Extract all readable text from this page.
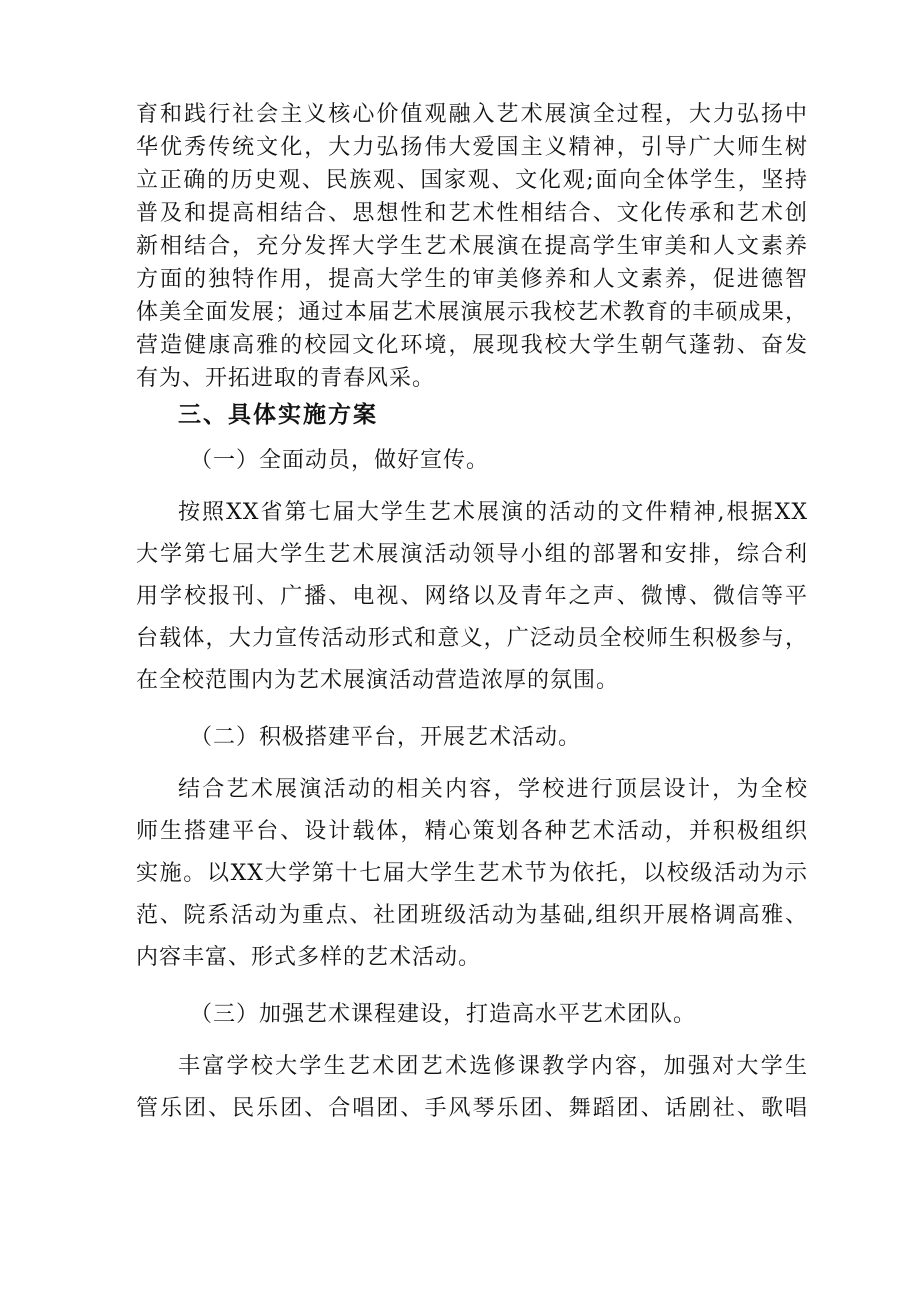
育和践行社会主义核心价值观融入艺术展演全过程，大力弘扬中
华优秀传统文化，大力弘扬伟大爱国主义精神，引导广大师生树
立正确的历史观、民族观、国家观、文化观;面向全体学生，坚持
普及和提高相结合、思想性和艺术性相结合、文化传承和艺术创
新相结合，充分发挥大学生艺术展演在提高学生审美和人文素养
方面的独特作用，提高大学生的审美修养和人文素养，促进德智
体美全面发展；通过本届艺术展演展示我校艺术教育的丰硕成果，
营造健康高雅的校园文化环境，展现我校大学生朝气蓬勃、奋发
有为、开拓进取的青春风采。
三、具体实施方案
（一）全面动员，做好宣传。
按照XX省第七届大学生艺术展演的活动的文件精神,根据XX
大学第七届大学生艺术展演活动领导小组的部署和安排，综合利
用学校报刊、广播、电视、网络以及青年之声、微博、微信等平
台载体，大力宣传活动形式和意义，广泛动员全校师生积极参与，
在全校范围内为艺术展演活动营造浓厚的氛围。
（二）积极搭建平台，开展艺术活动。
结合艺术展演活动的相关内容，学校进行顶层设计，为全校
师生搭建平台、设计载体，精心策划各种艺术活动，并积极组织
实施。以XX大学第十七届大学生艺术节为依托，以校级活动为示
范、院系活动为重点、社团班级活动为基础,组织开展格调高雅、
内容丰富、形式多样的艺术活动。
（三）加强艺术课程建设，打造高水平艺术团队。
丰富学校大学生艺术团艺术选修课教学内容，加强对大学生
管乐团、民乐团、合唱团、手风琴乐团、舞蹈团、话剧社、歌唱
